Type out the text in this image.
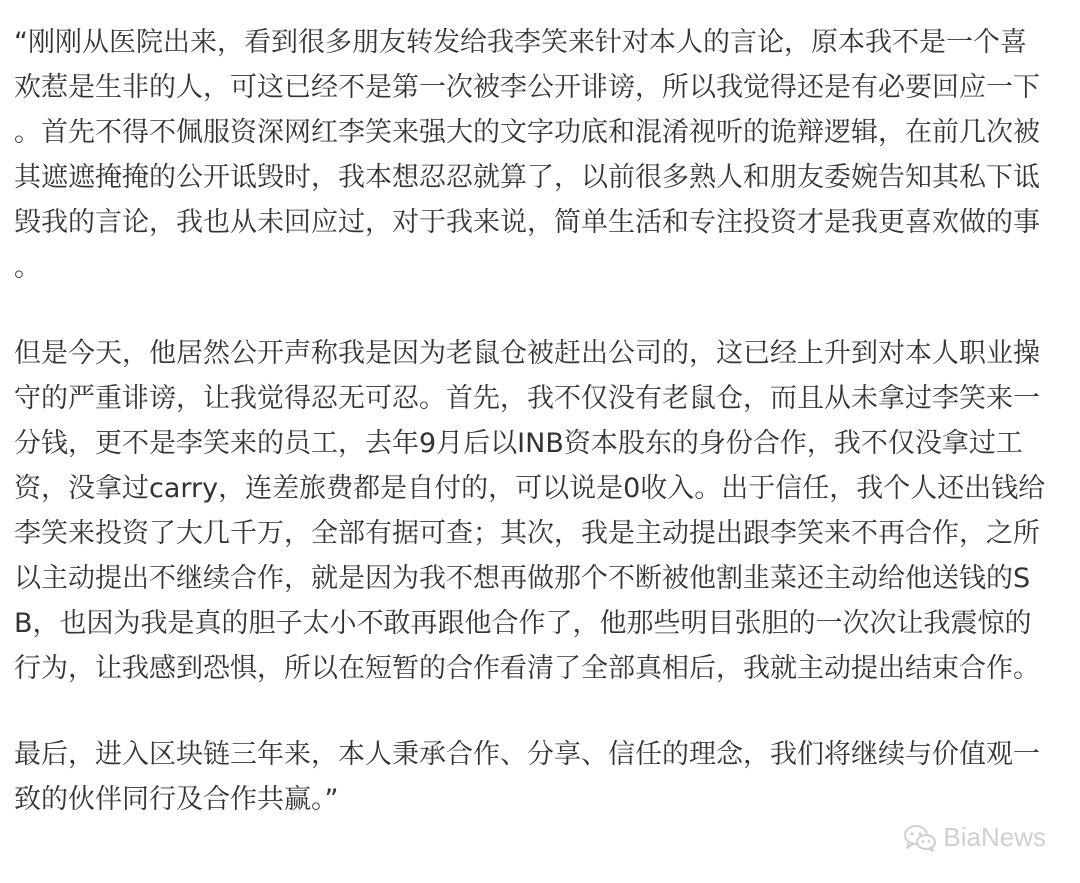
“刚刚从医院出来，看到很多朋友转发给我李笑来针对本人的言论，原本我不是一个喜
欢惹是生非的人，可这已经不是第一次被李公开诽谤，所以我觉得还是有必要回应一下
。首先不得不佩服资深网红李笑来强大的文字功底和混淆视听的诡辩逻辑，在前几次被
其遮遮掩掩的公开诋毁时，我本想忍忍就算了，以前很多熟人和朋友委婉告知其私下诋
毁我的言论，我也从未回应过，对于我来说，简单生活和专注投资才是我更喜欢做的事
。
但是今天，他居然公开声称我是因为老鼠仓被赶出公司的，这已经上升到对本人职业操
守的严重诽谤，让我觉得忍无可忍。首先，我不仅没有老鼠仓，而且从未拿过李笑来一
分钱，更不是李笑来的员工，去年9月后以INB资本股东的身份合作，我不仅没拿过工
资，没拿过carry，连差旅费都是自付的，可以说是0收入。出于信任，我个人还出钱给
李笑来投资了大几千万，全部有据可查；其次，我是主动提出跟李笑来不再合作，之所
以主动提出不继续合作，就是因为我不想再做那个不断被他割韭菜还主动给他送钱的S
B，也因为我是真的胆子太小不敢再跟他合作了，他那些明目张胆的一次次让我震惊的
行为，让我感到恐惧，所以在短暂的合作看清了全部真相后，我就主动提出结束合作。
最后，进入区块链三年来，本人秉承合作、分享、信任的理念，我们将继续与价值观一
致的伙伴同行及合作共赢。”
BiaNews
